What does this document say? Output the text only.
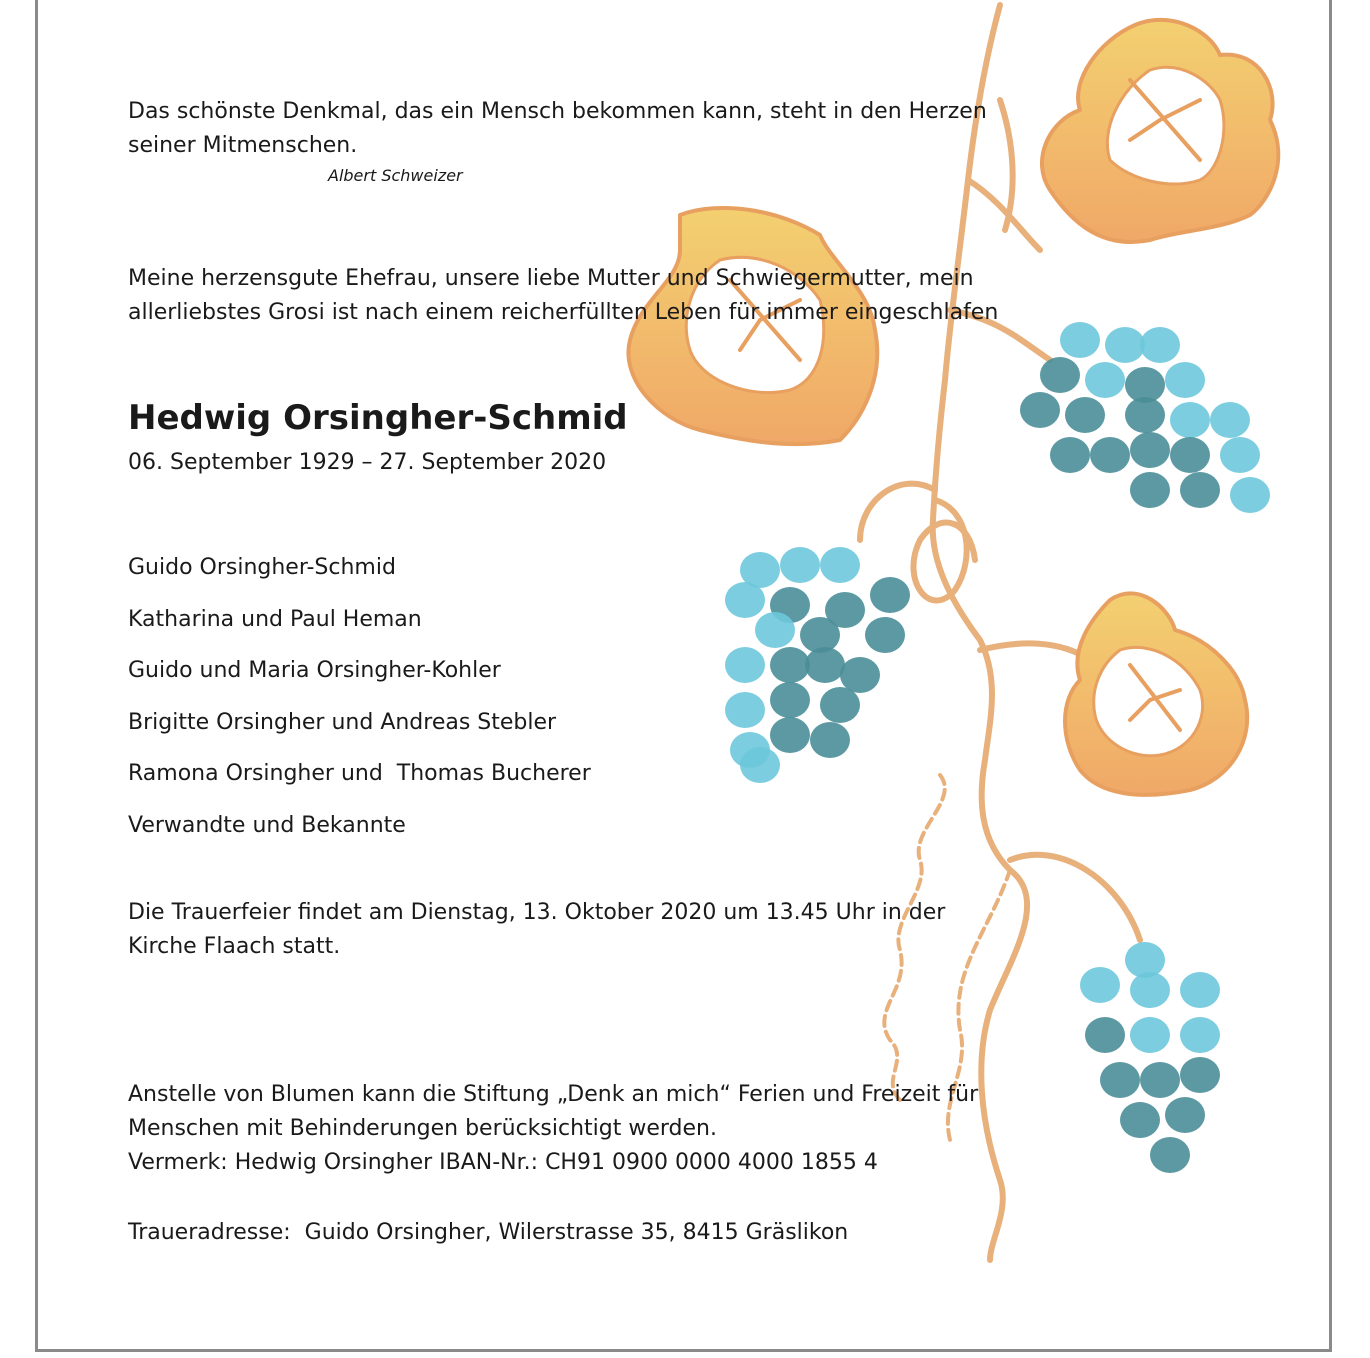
Das schönste Denkmal, das ein Mensch bekommen kann, steht in den Herzen
seiner Mitmenschen.
Albert Schweizer
Meine herzensgute Ehefrau, unsere liebe Mutter und Schwiegermutter, mein
allerliebstes Grosi ist nach einem reicherfüllten Leben für immer eingeschlafen
Hedwig Orsingher-Schmid
06. September 1929 – 27. September 2020
Guido Orsingher-Schmid
Katharina und Paul Heman
Guido und Maria Orsingher-Kohler
Brigitte Orsingher und Andreas Stebler
Ramona Orsingher und  Thomas Bucherer
Verwandte und Bekannte
Die Trauerfeier findet am Dienstag, 13. Oktober 2020 um 13.45 Uhr in der
Kirche Flaach statt.
Anstelle von Blumen kann die Stiftung „Denk an mich“ Ferien und Freizeit für
Menschen mit Behinderungen berücksichtigt werden.
Vermerk: Hedwig Orsingher IBAN-Nr.: CH91 0900 0000 4000 1855 4
Traueradresse:  Guido Orsingher, Wilerstrasse 35, 8415 Gräslikon
